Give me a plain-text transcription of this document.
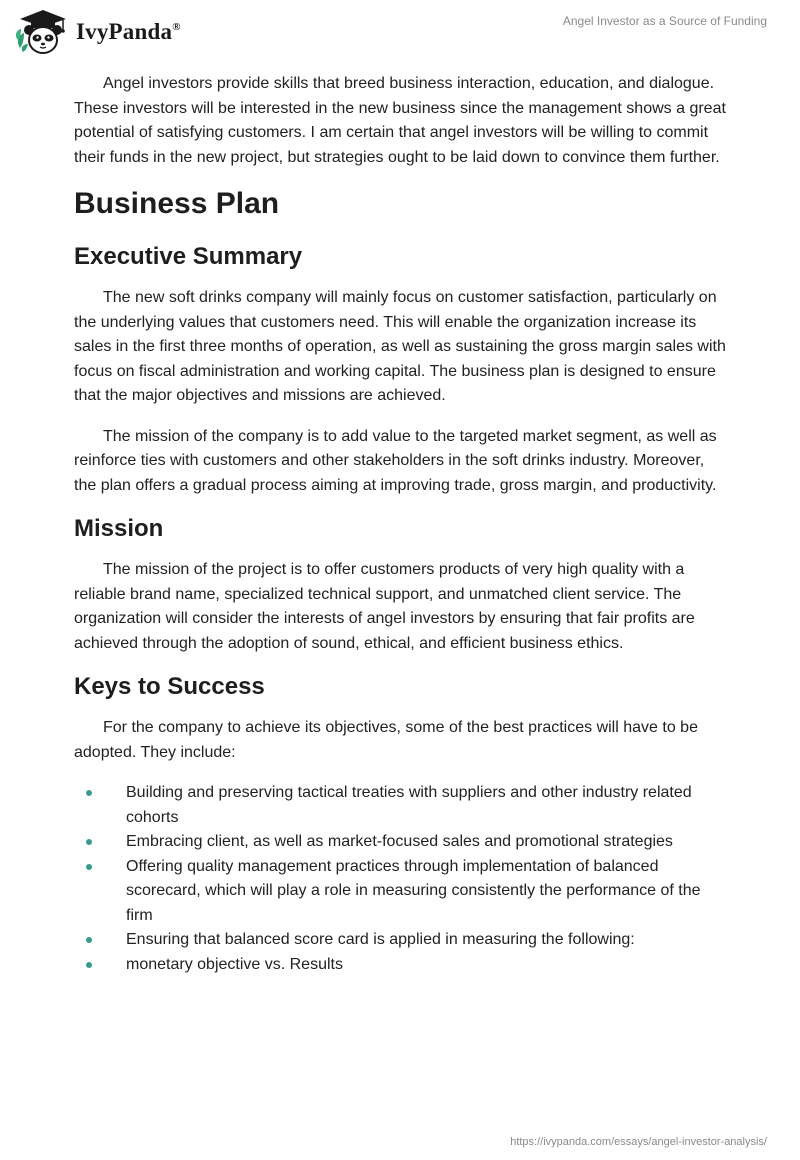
IvyPanda®	Angel Investor as a Source of Funding

Angel investors provide skills that breed business interaction, education, and dialogue. These investors will be interested in the new business since the management shows a great potential of satisfying customers. I am certain that angel investors will be willing to commit their funds in the new project, but strategies ought to be laid down to convince them further.

Business Plan
Executive Summary

The new soft drinks company will mainly focus on customer satisfaction, particularly on the underlying values that customers need. This will enable the organization increase its sales in the first three months of operation, as well as sustaining the gross margin sales with focus on fiscal administration and working capital. The business plan is designed to ensure that the major objectives and missions are achieved.

The mission of the company is to add value to the targeted market segment, as well as reinforce ties with customers and other stakeholders in the soft drinks industry. Moreover, the plan offers a gradual process aiming at improving trade, gross margin, and productivity.

Mission

The mission of the project is to offer customers products of very high quality with a reliable brand name, specialized technical support, and unmatched client service. The organization will consider the interests of angel investors by ensuring that fair profits are achieved through the adoption of sound, ethical, and efficient business ethics.

Keys to Success

For the company to achieve its objectives, some of the best practices will have to be adopted. They include:

Building and preserving tactical treaties with suppliers and other industry related cohorts
Embracing client, as well as market-focused sales and promotional strategies
Offering quality management practices through implementation of balanced scorecard, which will play a role in measuring consistently the performance of the firm
Ensuring that balanced score card is applied in measuring the following:
monetary objective vs. Results
https://ivypanda.com/essays/angel-investor-analysis/
